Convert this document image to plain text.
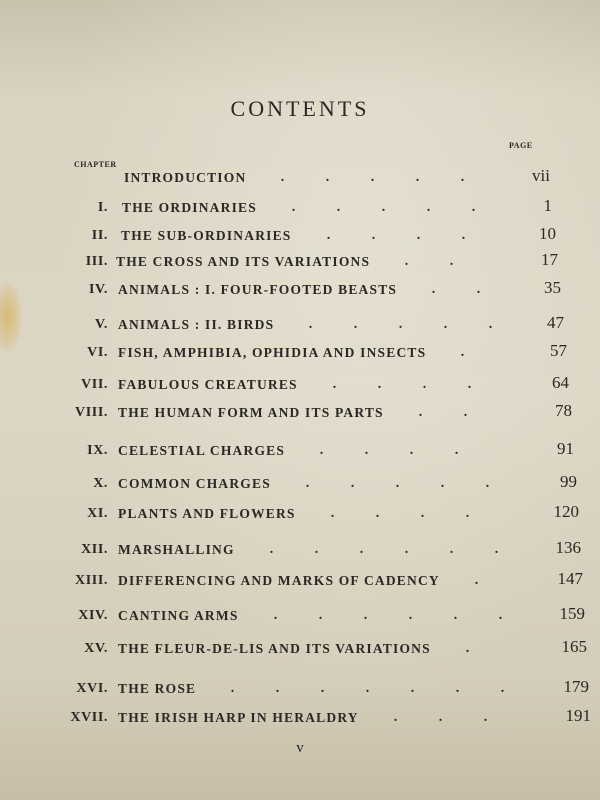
CONTENTS
CHAPTER
PAGE
INTRODUCTION	.	.	.	.	.	vii
I. THE ORDINARIES	.	.	.	.	.	1
II. THE SUB-ORDINARIES	.	.	.	.	10
III. THE CROSS AND ITS VARIATIONS	.	.	17
IV. ANIMALS : I. FOUR-FOOTED BEASTS	.	.	35
V. ANIMALS : II. BIRDS	.	.	.	.	.	47
VI. FISH, AMPHIBIA, OPHIDIA AND INSECTS	.	57
VII. FABULOUS CREATURES	.	.	.	.	64
VIII. THE HUMAN FORM AND ITS PARTS	.	.	78
IX. CELESTIAL CHARGES	.	.	.	.	91
X. COMMON CHARGES	.	.	.	.	.	99
XI. PLANTS AND FLOWERS	.	.	.	.	120
XII. MARSHALLING	.	.	.	.	.	.	136
XIII. DIFFERENCING AND MARKS OF CADENCY	.	147
XIV. CANTING ARMS	.	.	.	.	.	.	159
XV. THE FLEUR-DE-LIS AND ITS VARIATIONS	.	165
XVI. THE ROSE	.	.	.	.	.	.	.	179
XVII. THE IRISH HARP IN HERALDRY	.	.	.	191
v
